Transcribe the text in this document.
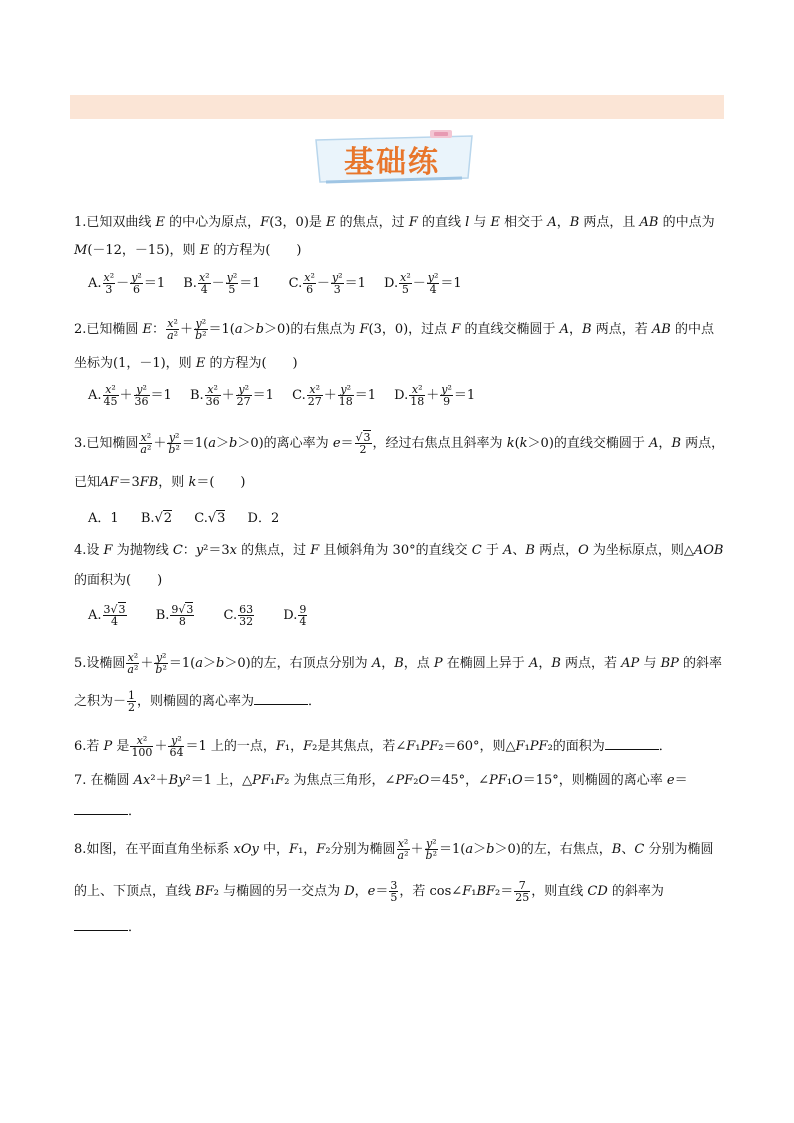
基础练
1.已知双曲线 E 的中心为原点，F(3，0)是 E 的焦点，过 F 的直线 l 与 E 相交于 A，B 两点，且 AB 的中点为
M(－12，－15)，则 E 的方程为(　　)
A. $\frac{\text{x²}}{3} - \frac{\text{y²}}{6} =1$ B. $\frac{\text{x²}}{4} - \frac{\text{y²}}{5} =1$ C. $\frac{\text{x²}}{6} - \frac{\text{y²}}{3} =1$ D. $\frac{\text{x²}}{5} - \frac{\text{y²}}{4} =1$
2.已知椭圆 E： $\frac{\text{x²}}{\text{a²}} + \frac{\text{y²}}{\text{b²}} =1(a>b>0)$的右焦点为 F(3，0)，过点 F 的直线交椭圆于 A，B 两点，若 AB 的中点
坐标为(1，－1)，则 E 的方程为(　　)
A. $\frac{\text{x²}}{45} + \frac{\text{y²}}{36} =1$ B. $\frac{\text{x²}}{36} + \frac{\text{y²}}{27} =1$ C. $\frac{\text{x²}}{27} + \frac{\text{y²}}{18} =1$ D. $\frac{\text{x²}}{18} + \frac{\text{y²}}{9} =1$
3.已知椭圆 $\frac{\text{x²}}{\text{a²}} + \frac{\text{y²}}{\text{b²}} =1(a>b>0)$的离心率为 $e= \frac{√3}{2}$ ，经过右焦点且斜率为 k(k＞0)的直线交椭圆于 A，B 两点，
已知AF＝3FB，则 k＝(　　)
A．1 B.√2 C.√3 D．2
4.设 F 为抛物线 C：y²＝3x 的焦点，过 F 且倾斜角为 30°的直线交 C 于 A、B 两点，O 为坐标原点，则△AOB
的面积为(　　)
A. $\frac{3√3}{4} B$. $\frac{9√3}{8} C$. $\frac{63}{32} D$. $\frac{9}{4}$
5.设椭圆 $\frac{\text{x²}}{\text{a²}} + \frac{\text{y²}}{\text{b²}} =1(a>b>0)$的左，右顶点分别为 A，B，点 P 在椭圆上异于 A，B 两点，若 AP 与 BP 的斜率
之积为－ $\frac{1}{2}$ ，则椭圆的离心率为	．
6.若 P 是 $\frac{\text{x²}}{100} + \frac{\text{y²}}{64} =1$ 上的一点，F₁，F₂是其焦点，若∠F₁PF₂＝60°，则△F₁PF₂的面积为	．
7. 在椭圆 Ax²＋By²＝1 上，△PF₁F₂ 为焦点三角形，∠PF₂O＝45°，∠PF₁O＝15°，则椭圆的离心率 e＝
．
8.如图，在平面直角坐标系 xOy 中，F₁，F₂分别为椭圆 $\frac{\text{x²}}{\text{a²}} + \frac{\text{y²}}{\text{b²}} =1(a>b>0)$的左，右焦点，B、C 分别为椭圆
的上、下顶点，直线 BF₂ 与椭圆的另一交点为 D，$e= \frac{3}{5}$ ，若 cos∠F₁BF₂＝ $\frac{7}{25}$ ，则直线 CD 的斜率为
．
